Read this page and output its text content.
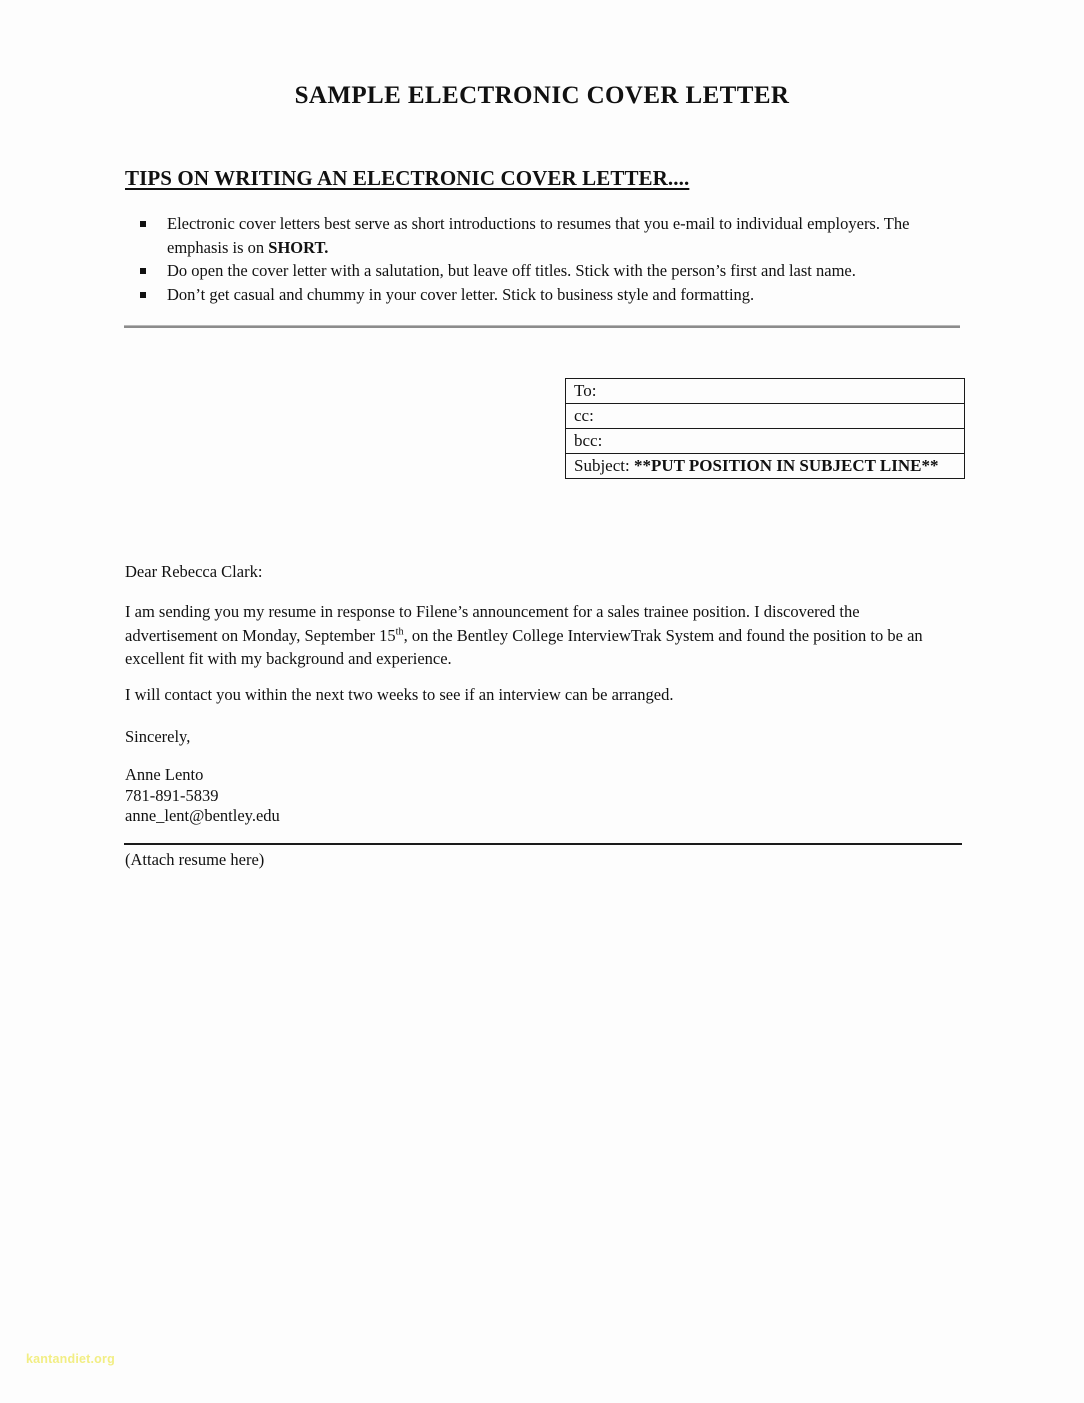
SAMPLE ELECTRONIC COVER LETTER
TIPS ON WRITING AN ELECTRONIC COVER LETTER....
Electronic cover letters best serve as short introductions to resumes that you e-mail to individual employers. The emphasis is on SHORT.
Do open the cover letter with a salutation, but leave off titles. Stick with the person’s first and last name.
Don’t get casual and chummy in your cover letter. Stick to business style and formatting.
To:
cc:
bcc:
Subject: **PUT POSITION IN SUBJECT LINE**
Dear Rebecca Clark:
I am sending you my resume in response to Filene’s announcement for a sales trainee position. I discovered the advertisement on Monday, September 15th, on the Bentley College InterviewTrak System and found the position to be an excellent fit with my background and experience.
I will contact you within the next two weeks to see if an interview can be arranged.
Sincerely,
Anne Lento
781-891-5839
anne_lent@bentley.edu
(Attach resume here)
kantandiet.org
